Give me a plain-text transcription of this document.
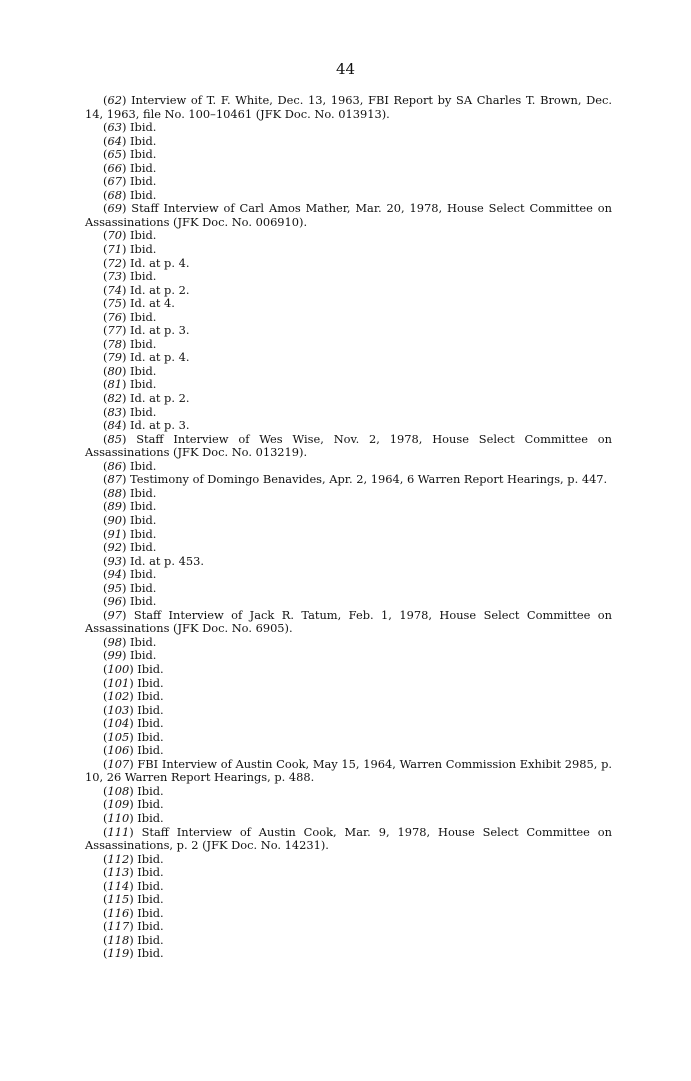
44

(62) Interview of T. F. White, Dec. 13, 1963, FBI Report by SA Charles T. Brown, Dec. 14, 1963, file No. 100–10461 (JFK Doc. No. 013913).

(63) Ibid.

(64) Ibid.

(65) Ibid.

(66) Ibid.

(67) Ibid.

(68) Ibid.

(69) Staff Interview of Carl Amos Mather, Mar. 20, 1978, House Select Committee on Assassinations (JFK Doc. No. 006910).

(70) Ibid.

(71) Ibid.

(72) Id. at p. 4.

(73) Ibid.

(74) Id. at p. 2.

(75) Id. at 4.

(76) Ibid.

(77) Id. at p. 3.

(78) Ibid.

(79) Id. at p. 4.

(80) Ibid.

(81) Ibid.

(82) Id. at p. 2.

(83) Ibid.

(84) Id. at p. 3.

(85) Staff Interview of Wes Wise, Nov. 2, 1978, House Select Committee on Assassinations (JFK Doc. No. 013219).

(86) Ibid.

(87) Testimony of Domingo Benavides, Apr. 2, 1964, 6 Warren Report Hearings, p. 447.

(88) Ibid.

(89) Ibid.

(90) Ibid.

(91) Ibid.

(92) Ibid.

(93) Id. at p. 453.

(94) Ibid.

(95) Ibid.

(96) Ibid.

(97) Staff Interview of Jack R. Tatum, Feb. 1, 1978, House Select Committee on Assassinations (JFK Doc. No. 6905).

(98) Ibid.

(99) Ibid.

(100) Ibid.

(101) Ibid.

(102) Ibid.

(103) Ibid.

(104) Ibid.

(105) Ibid.

(106) Ibid.

(107) FBI Interview of Austin Cook, May 15, 1964, Warren Commission Exhibit 2985, p. 10, 26 Warren Report Hearings, p. 488.

(108) Ibid.

(109) Ibid.

(110) Ibid.

(111) Staff Interview of Austin Cook, Mar. 9, 1978, House Select Committee on Assassinations, p. 2 (JFK Doc. No. 14231).

(112) Ibid.

(113) Ibid.

(114) Ibid.

(115) Ibid.

(116) Ibid.

(117) Ibid.

(118) Ibid.

(119) Ibid.
